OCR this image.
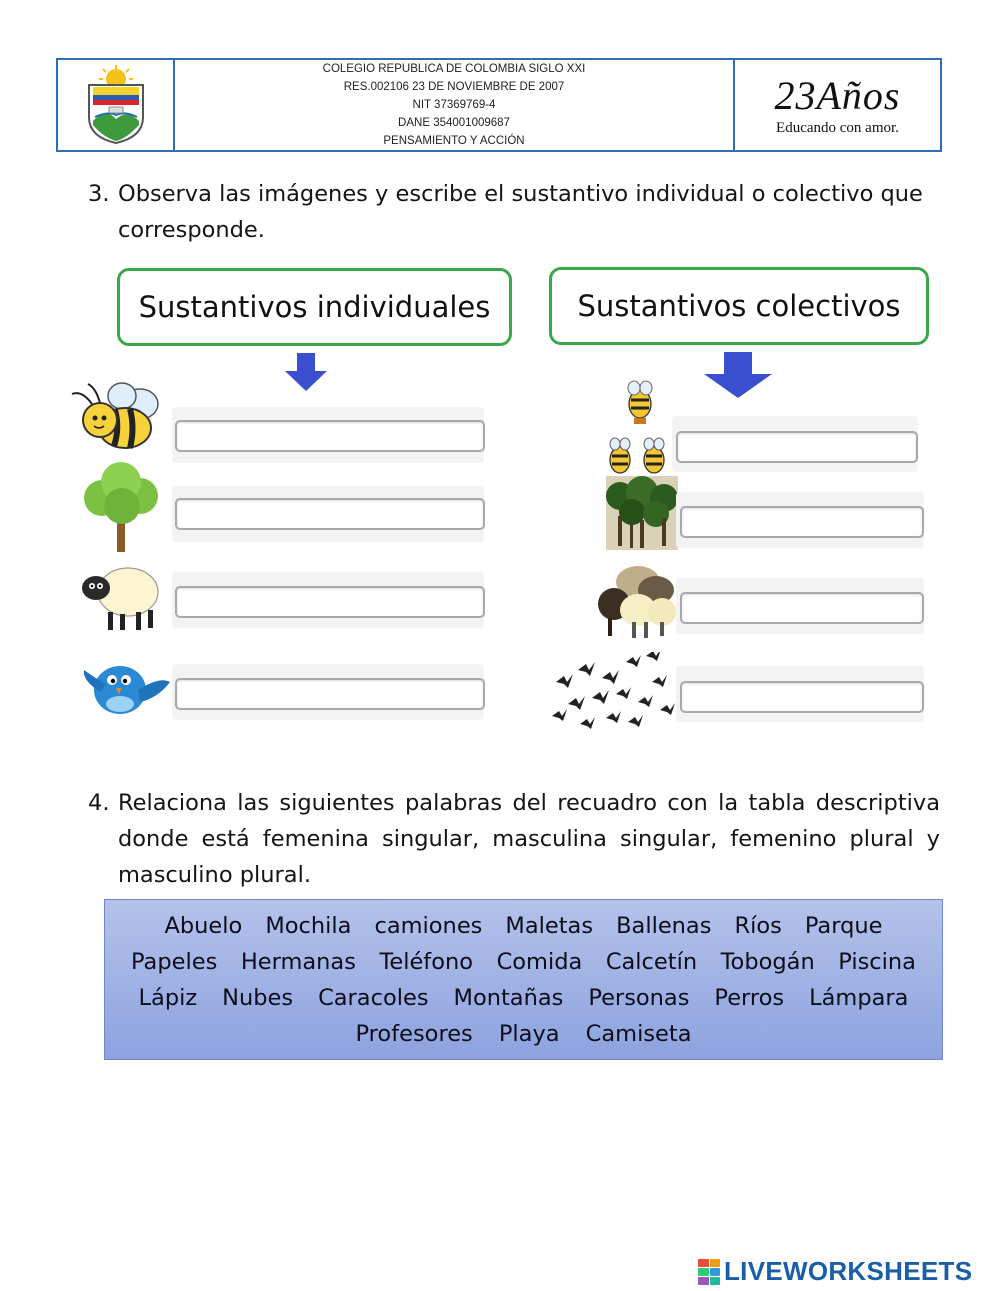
COLEGIO REPUBLICA DE COLOMBIA SIGLO XXI
RES.002106 23 DE NOVIEMBRE DE 2007
NIT 37369769-4
DANE 354001009687
PENSAMIENTO Y ACCIÓN
23Años
Educando con amor.
3. Observa las imágenes y escribe el sustantivo individual o colectivo que corresponde.
Sustantivos individuales	Sustantivos colectivos
4. Relaciona las siguientes palabras del recuadro con la tabla descriptiva donde está femenina singular, masculina singular, femenino plural y masculino plural.
Abuelo Mochila camiones Maletas Ballenas Ríos Parque
Papeles Hermanas Teléfono Comida Calcetín Tobogán Piscina
Lápiz Nubes Caracoles Montañas Personas Perros Lámpara
Profesores Playa Camiseta
LIVEWORKSHEETS
